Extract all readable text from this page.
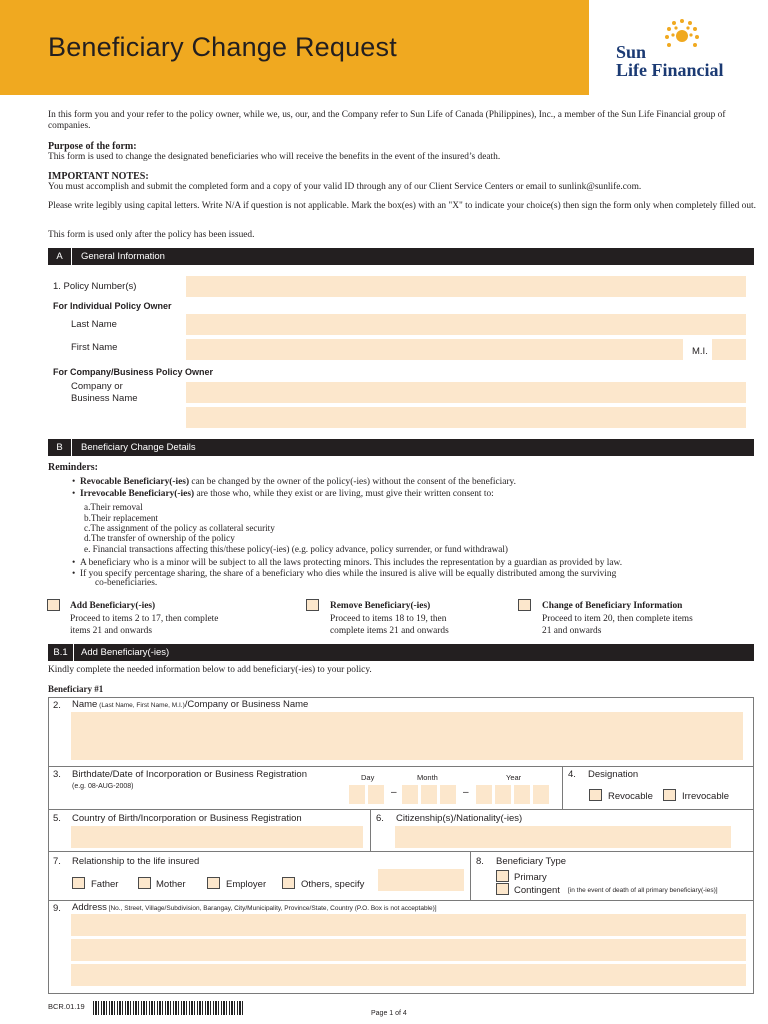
Beneficiary Change Request	Sun
Life Financial

In this form you and your refer to the policy owner, while we, us, our, and the Company refer to Sun Life of Canada (Philippines), Inc., a member of the Sun Life Financial group of companies.

Purpose of the form:

This form is used to change the designated beneficiaries who will receive the benefits in the event of the insured’s death.

IMPORTANT NOTES:

You must accomplish and submit the completed form and a copy of your valid ID through any of our Client Service Centers or email to sunlink@sunlife.com.

Please write legibly using capital letters. Write N/A if question is not applicable. Mark the box(es) with an "X" to indicate your choice(s) then sign the form only when completely filled out.

This form is used only after the policy has been issued.

A	General Information
1. Policy Number(s)
For Individual Policy Owner
Last Name
First Name	M.I.
For Company/Business Policy Owner
Company or
Business Name
B	Beneficiary Change Details

Reminders:

•  Revocable Beneficiary(-ies) can be changed by the owner of the policy(-ies) without the consent of the beneficiary.
•  Irrevocable Beneficiary(-ies) are those who, while they exist or are living, must give their written consent to:
a.Their removal
b.Their replacement
c.The assignment of the policy as collateral security
d.The transfer of ownership of the policy
e. Financial transactions affecting this/these policy(-ies) (e.g. policy advance, policy surrender, or fund withdrawal)
•  A beneficiary who is a minor will be subject to all the laws protecting minors. This includes the representation by a guardian as provided by law.
•  If you specify percentage sharing, the share of a beneficiary who dies while the insured is alive will be equally distributed among the surviving
co-beneficiaries.
Add Beneficiary(-ies)
Proceed to items 2 to 17, then complete
items 21 and onwards
Remove Beneficiary(-ies)
Proceed to items 18 to 19, then
complete items 21 and onwards
Change of Beneficiary Information
Proceed to item 20, then complete items
21 and onwards
B.1	Add Beneficiary(-ies)

Kindly complete the needed information below to add beneficiary(-ies) to your policy.

Beneficiary #1

2. Name (Last Name, First Name, M.I.)/Company or Business Name
3. Birthdate/Date of Incorporation or Business Registration
(e.g. 08-AUG-2008)
Day	Month	Year
–	–
4. Designation
Revocable	Irrevocable
5. Country of Birth/Incorporation or Business Registration	6. Citizenship(s)/Nationality(-ies)
7. Relationship to the life insured
Father	Mother	Employer	Others, specify
8. Beneficiary Type
Primary
Contingent [in the event of death of all primary beneficiary(-ies)]
9. Address [No., Street, Village/Subdivision, Barangay, City/Municipality, Province/State, Country (P.O. Box is not acceptable)]
BCR.01.19
Page 1 of 4
